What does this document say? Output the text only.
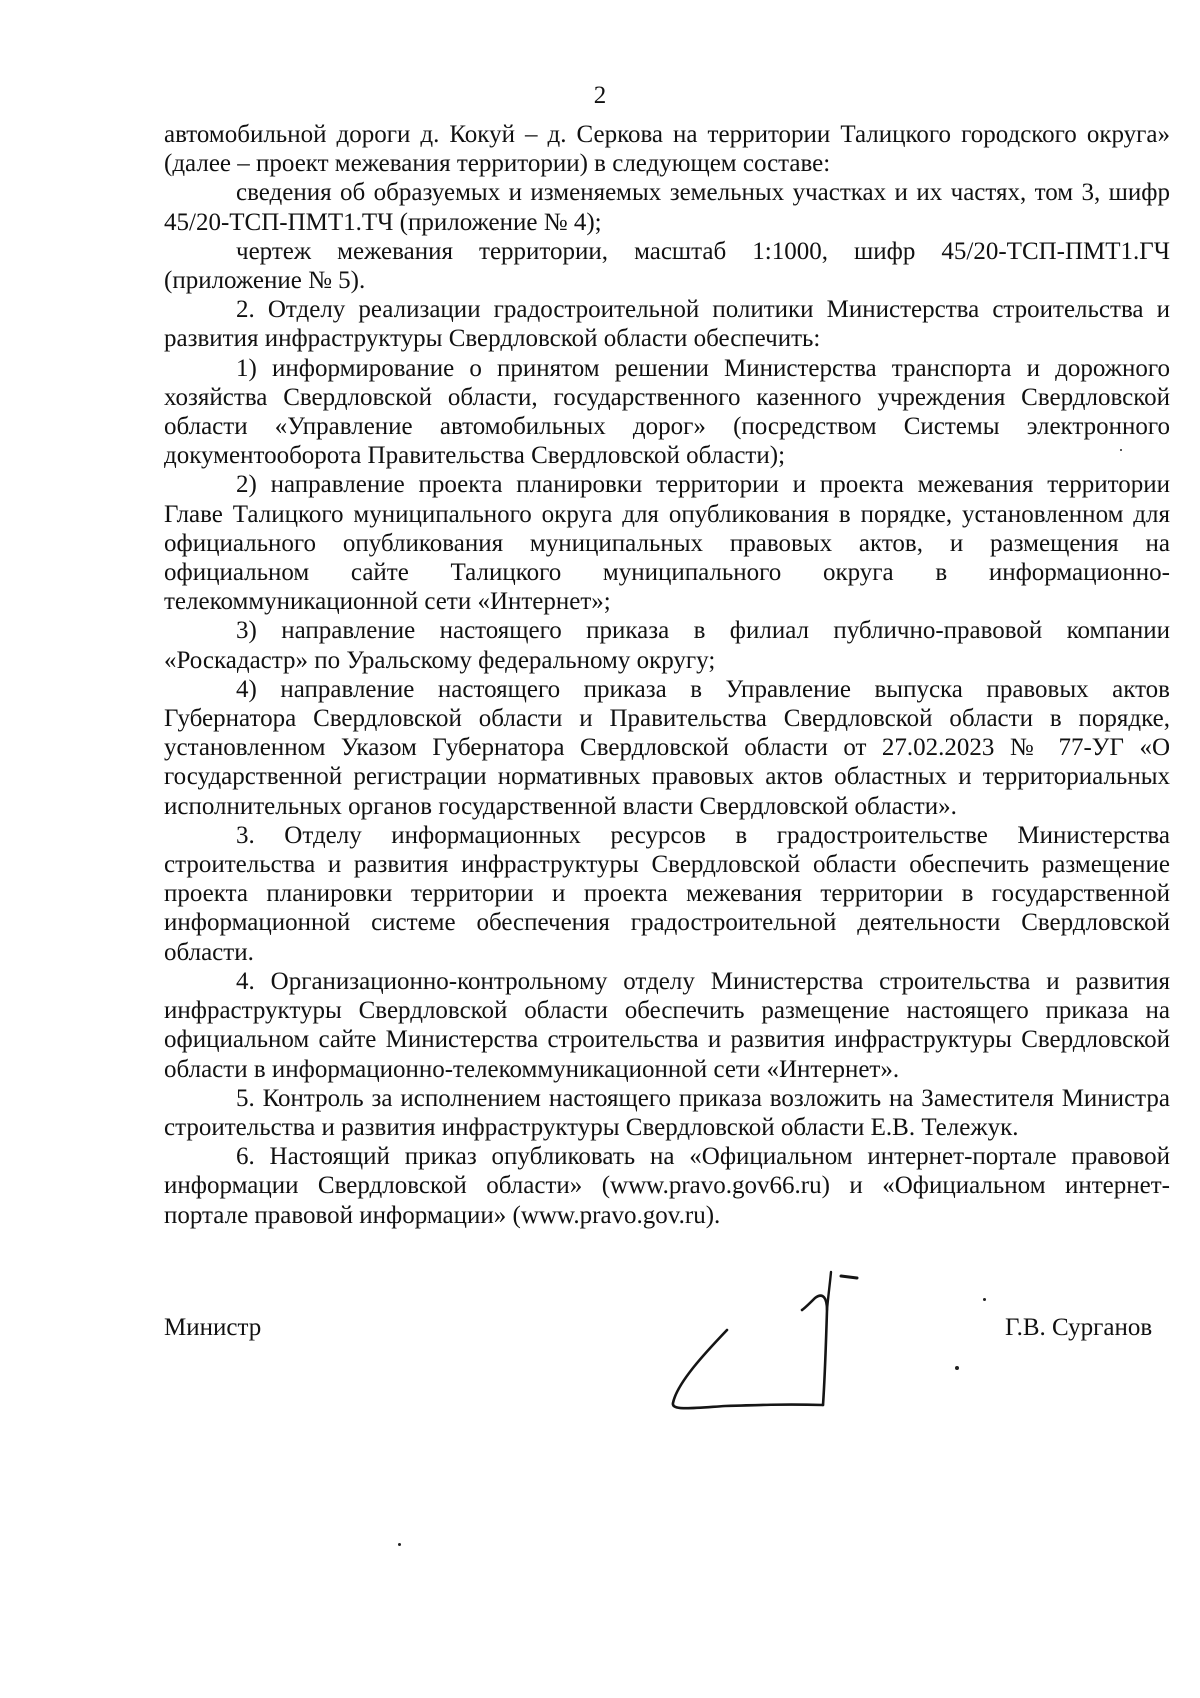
2

автомобильной дороги д. Кокуй – д. Серкова на территории Талицкого городского округа» (далее – проект межевания территории) в следующем составе:

сведения об образуемых и изменяемых земельных участках и их частях, том 3, шифр 45/20-ТСП-ПМТ1.ТЧ (приложение № 4);

чертеж межевания территории, масштаб 1:1000, шифр 45/20-ТСП-ПМТ1.ГЧ (приложение № 5).

2. Отделу реализации градостроительной политики Министерства строительства и развития инфраструктуры Свердловской области обеспечить:

1) информирование о принятом решении Министерства транспорта и дорожного хозяйства Свердловской области, государственного казенного учреждения Свердловской области «Управление автомобильных дорог» (посредством Системы электронного документооборота Правительства Свердловской области);

2) направление проекта планировки территории и проекта межевания территории Главе Талицкого муниципального округа для опубликования в порядке, установленном для официального опубликования муниципальных правовых актов, и размещения на официальном сайте Талицкого муниципального округа в информационно-телекоммуникационной сети «Интернет»;

3) направление настоящего приказа в филиал публично-правовой компании «Роскадастр» по Уральскому федеральному округу;

4) направление настоящего приказа в Управление выпуска правовых актов Губернатора Свердловской области и Правительства Свердловской области в порядке, установленном Указом Губернатора Свердловской области от 27.02.2023 № 77-УГ «О государственной регистрации нормативных правовых актов областных и территориальных исполнительных органов государственной власти Свердловской области».

3. Отделу информационных ресурсов в градостроительстве Министерства строительства и развития инфраструктуры Свердловской области обеспечить размещение проекта планировки территории и проекта межевания территории в государственной информационной системе обеспечения градостроительной деятельности Свердловской области.

4. Организационно-контрольному отделу Министерства строительства и развития инфраструктуры Свердловской области обеспечить размещение настоящего приказа на официальном сайте Министерства строительства и развития инфраструктуры Свердловской области в информационно-телекоммуникационной сети «Интернет».

5. Контроль за исполнением настоящего приказа возложить на Заместителя Министра строительства и развития инфраструктуры Свердловской области Е.В. Тележук.

6. Настоящий приказ опубликовать на «Официальном интернет-портале правовой информации Свердловской области» (www.pravo.gov66.ru) и «Официальном интернет-портале правовой информации» (www.pravo.gov.ru).

Министр	Г.В. Сурганов
